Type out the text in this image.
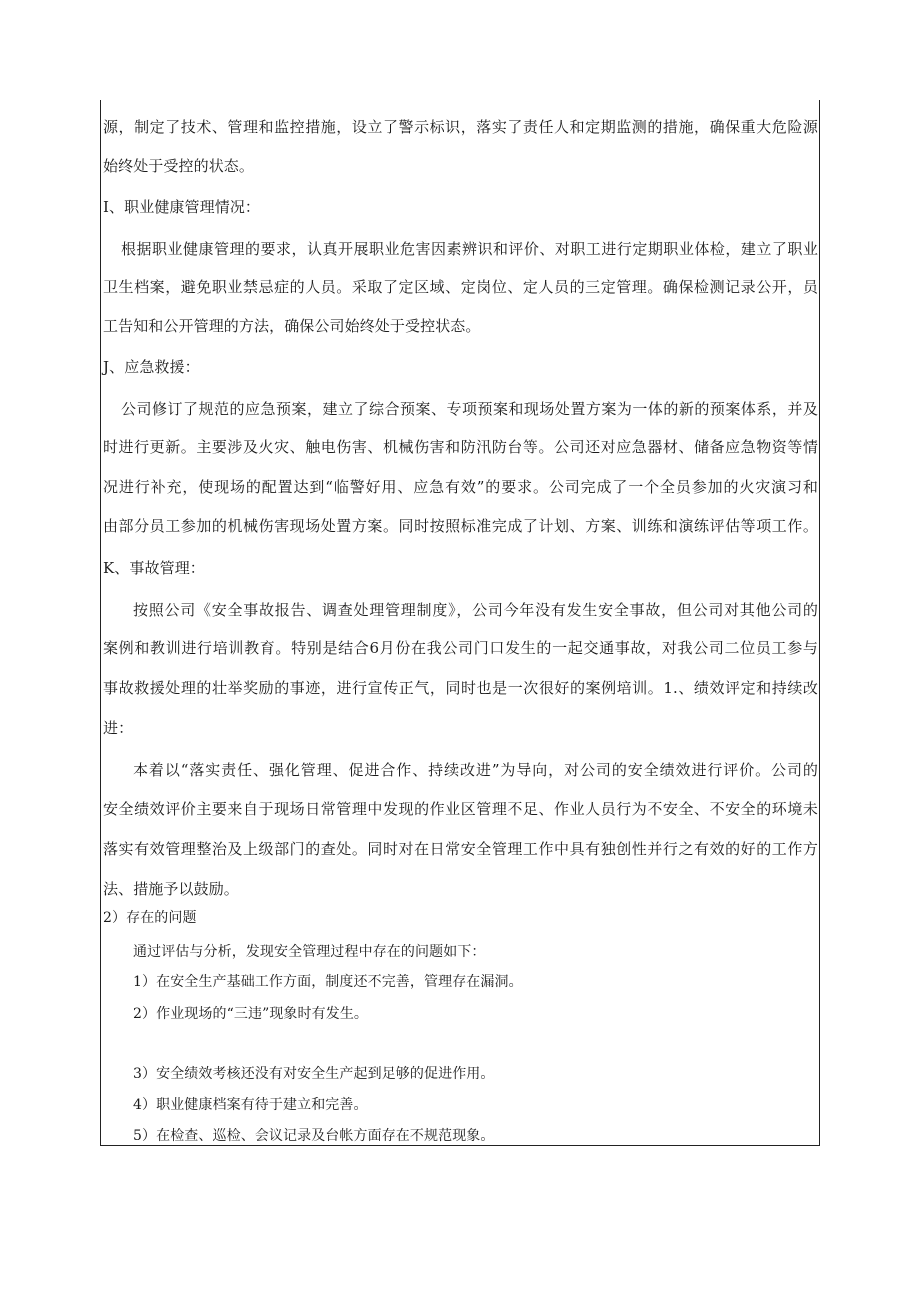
源，制定了技术、管理和监控措施，设立了警示标识，落实了责任人和定期监测的措施，确保重大危险源
始终处于受控的状态。
I、职业健康管理情况：
根据职业健康管理的要求，认真开展职业危害因素辨识和评价、对职工进行定期职业体检，建立了职业
卫生档案，避免职业禁忌症的人员。采取了定区域、定岗位、定人员的三定管理。确保检测记录公开，员
工告知和公开管理的方法，确保公司始终处于受控状态。
J、应急救援：
公司修订了规范的应急预案，建立了综合预案、专项预案和现场处置方案为一体的新的预案体系，并及
时进行更新。主要涉及火灾、触电伤害、机械伤害和防汛防台等。公司还对应急器材、储备应急物资等情
况进行补充，使现场的配置达到“临警好用、应急有效”的要求。公司完成了一个全员参加的火灾演习和
由部分员工参加的机械伤害现场处置方案。同时按照标准完成了计划、方案、训练和演练评估等项工作。
K、事故管理：
按照公司《安全事故报告、调查处理管理制度》，公司今年没有发生安全事故，但公司对其他公司的
案例和教训进行培训教育。特别是结合6月份在我公司门口发生的一起交通事故，对我公司二位员工参与
事故救援处理的壮举奖励的事迹，进行宣传正气，同时也是一次很好的案例培训。1.、绩效评定和持续改
进：
本着以“落实责任、强化管理、促进合作、持续改进”为导向，对公司的安全绩效进行评价。公司的
安全绩效评价主要来自于现场日常管理中发现的作业区管理不足、作业人员行为不安全、不安全的环境未
落实有效管理整治及上级部门的查处。同时对在日常安全管理工作中具有独创性并行之有效的好的工作方
法、措施予以鼓励。
2）存在的问题
通过评估与分析，发现安全管理过程中存在的问题如下：
1）在安全生产基础工作方面，制度还不完善，管理存在漏洞。
2）作业现场的“三违”现象时有发生。
3）安全绩效考核还没有对安全生产起到足够的促进作用。
4）职业健康档案有待于建立和完善。
5）在检查、巡检、会议记录及台帐方面存在不规范现象。
